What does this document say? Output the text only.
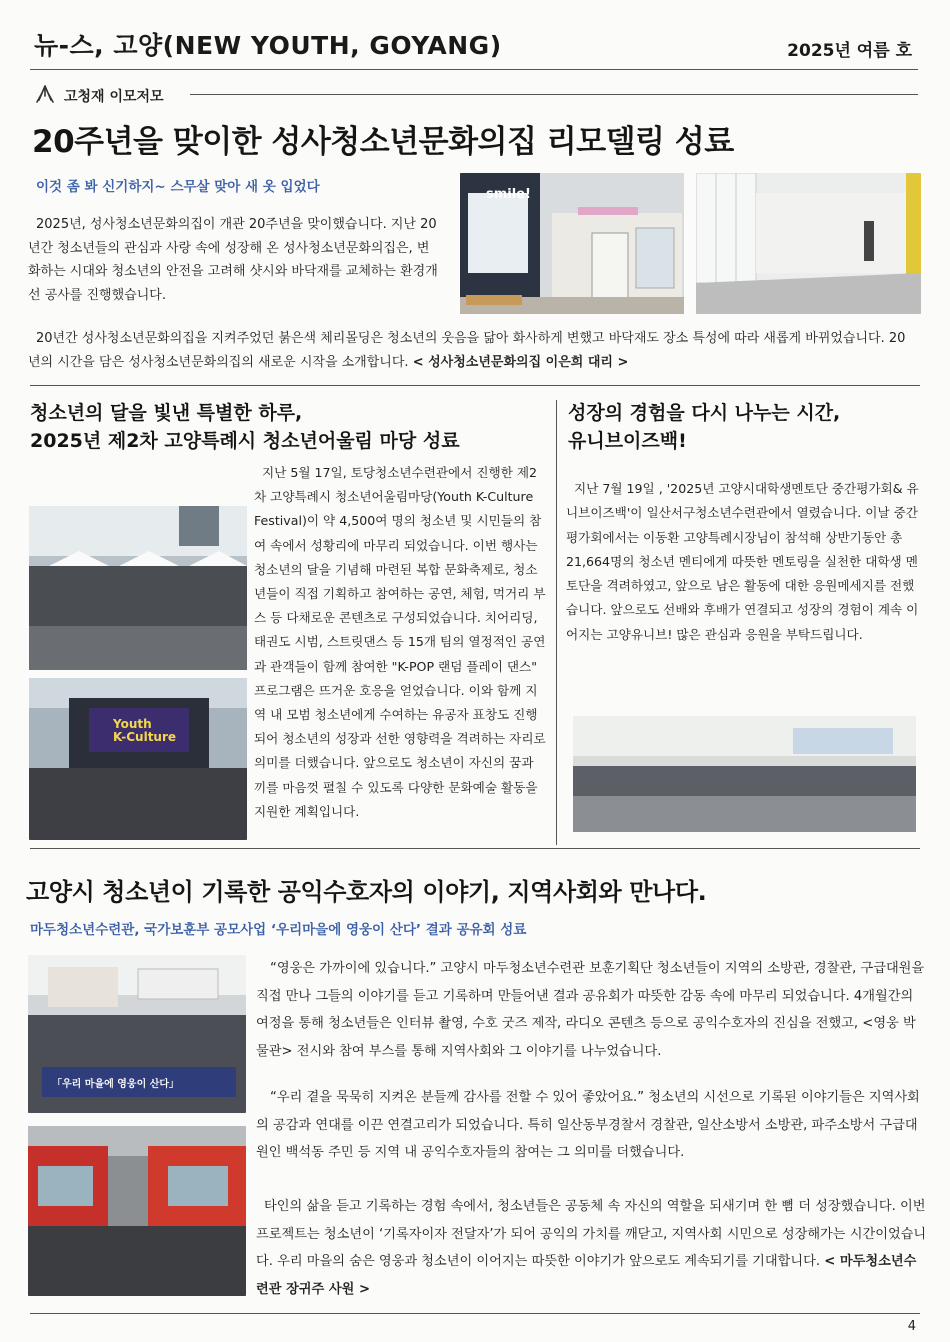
뉴-스, 고양(NEW YOUTH, GOYANG)	2025년 여름 호
고청재 이모저모
20주년을 맞이한 성사청소년문화의집 리모델링 성료
이것 좀 봐 신기하지~ 스무살 맞아 새 옷 입었다
2025년, 성사청소년문화의집이 개관 20주년을 맞이했습니다. 지난 20년간 청소년들의 관심과 사랑 속에 성장해 온 성사청소년문화의집은, 변화하는 시대와 청소년의 안전을 고려해 샷시와 바닥재를 교체하는 환경개선 공사를 진행했습니다.
smile!
20년간 성사청소년문화의집을 지켜주었던 붉은색 체리몰딩은 청소년의 웃음을 닮아 화사하게 변했고 바닥재도 장소 특성에 따라 새롭게 바뀌었습니다. 20년의 시간을 담은 성사청소년문화의집의 새로운 시작을 소개합니다. < 성사청소년문화의집 이은희 대리 >
청소년의 달을 빛낸 특별한 하루,
2025년 제2차 고양특례시 청소년어울림 마당 성료
Youth
K-Culture
지난 5월 17일, 토당청소년수련관에서 진행한 제2차 고양특례시 청소년어울림마당(Youth K-Culture Festival)이 약 4,500여 명의 청소년 및 시민들의 참여 속에서 성황리에 마무리 되었습니다. 이번 행사는 청소년의 달을 기념해 마련된 복합 문화축제로, 청소년들이 직접 기획하고 참여하는 공연, 체험, 먹거리 부스 등 다채로운 콘텐츠로 구성되었습니다. 치어리딩, 태권도 시범, 스트릿댄스 등 15개 팀의 열정적인 공연과 관객들이 함께 참여한 "K-POP 랜덤 플레이 댄스" 프로그램은 뜨거운 호응을 얻었습니다. 이와 함께 지역 내 모범 청소년에게 수여하는 유공자 표창도 진행되어 청소년의 성장과 선한 영향력을 격려하는 자리로 의미를 더했습니다. 앞으로도 청소년이 자신의 꿈과 끼를 마음껏 펼칠 수 있도록 다양한 문화예술 활동을 지원한 계획입니다.
성장의 경험을 다시 나누는 시간,
유니브이즈백!
지난 7월 19일 , '2025년 고양시대학생멘토단 중간평가회& 유니브이즈백'이 일산서구청소년수련관에서 열렸습니다. 이날 중간평가회에서는 이동환 고양특례시장님이 참석해 상반기동안 총 21,664명의 청소년 멘티에게 따뜻한 멘토링을 실천한 대학생 멘토단을 격려하였고, 앞으로 남은 활동에 대한 응원메세지를 전했습니다. 앞으로도 선배와 후배가 연결되고 성장의 경험이 계속 이어지는 고양유니브! 많은 관심과 응원을 부탁드립니다.
고양시 청소년이 기록한 공익수호자의 이야기, 지역사회와 만나다.
마두청소년수련관, 국가보훈부 공모사업 ‘우리마을에 영웅이 산다’ 결과 공유회 성료
「우리 마을에 영웅이 산다」
“영웅은 가까이에 있습니다.” 고양시 마두청소년수련관 보훈기획단 청소년들이 지역의 소방관, 경찰관, 구급대원을 직접 만나 그들의 이야기를 듣고 기록하며 만들어낸 결과 공유회가 따뜻한 감동 속에 마무리 되었습니다. 4개월간의 여정을 통해 청소년들은 인터뷰 촬영, 수호 굿즈 제작, 라디오 콘텐츠 등으로 공익수호자의 진심을 전했고, <영웅 박물관> 전시와 참여 부스를 통해 지역사회와 그 이야기를 나누었습니다.
“우리 곁을 묵묵히 지켜온 분들께 감사를 전할 수 있어 좋았어요.” 청소년의 시선으로 기록된 이야기들은 지역사회의 공감과 연대를 이끈 연결고리가 되었습니다. 특히 일산동부경찰서 경찰관, 일산소방서 소방관, 파주소방서 구급대원인 백석동 주민 등 지역 내 공익수호자들의 참여는 그 의미를 더했습니다.
타인의 삶을 듣고 기록하는 경험 속에서, 청소년들은 공동체 속 자신의 역할을 되새기며 한 뼘 더 성장했습니다. 이번 프로젝트는 청소년이 ‘기록자이자 전달자’가 되어 공익의 가치를 깨닫고, 지역사회 시민으로 성장해가는 시간이었습니다. 우리 마을의 숨은 영웅과 청소년이 이어지는 따뜻한 이야기가 앞으로도 계속되기를 기대합니다. < 마두청소년수련관 장귀주 사원 >
4
